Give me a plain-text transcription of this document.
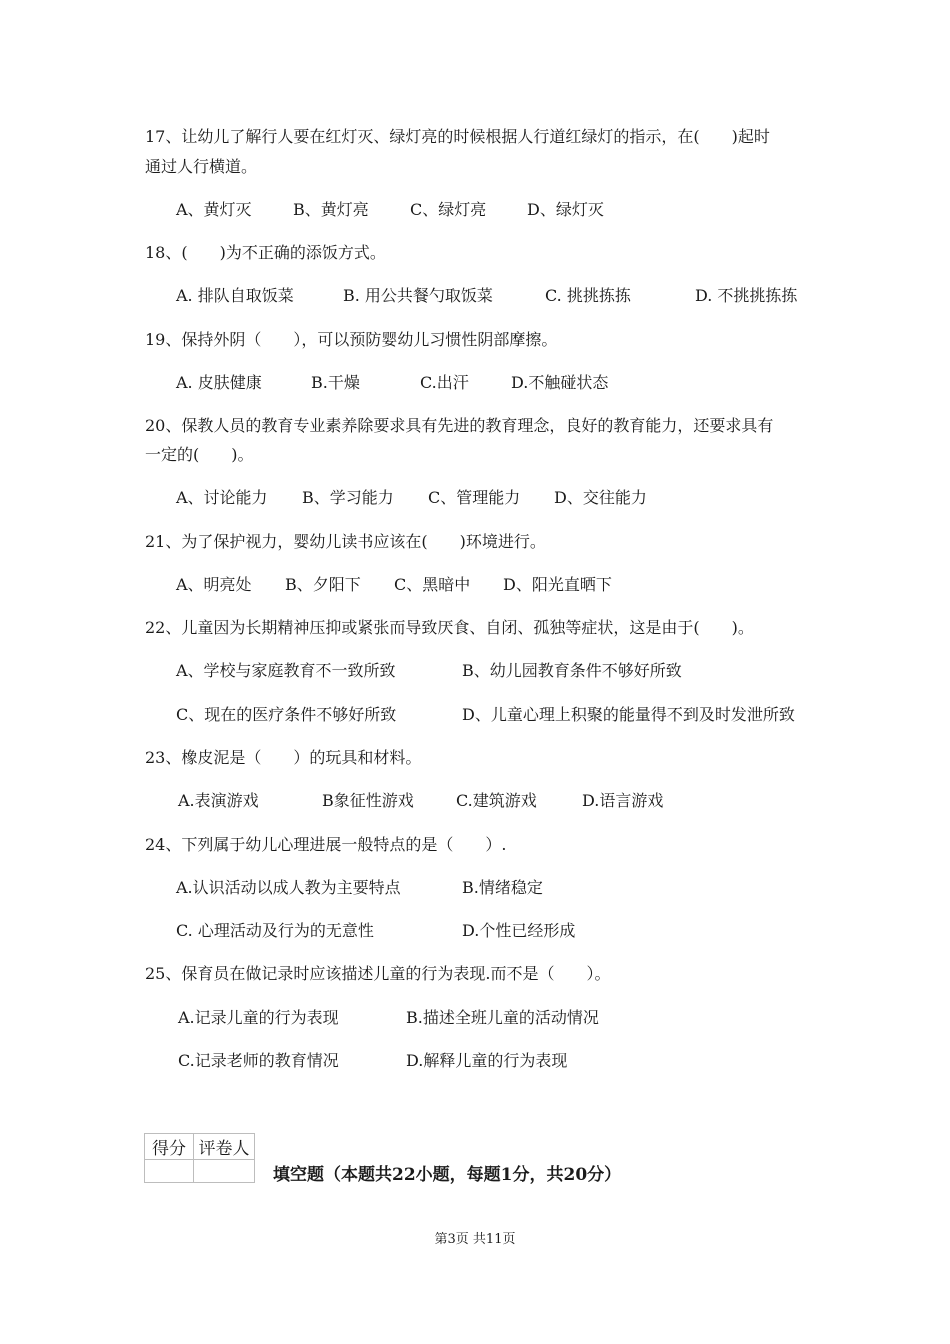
17、让幼儿了解行人要在红灯灭、绿灯亮的时候根据人行道红绿灯的指示，在(　　)起时
通过人行横道。
A、黄灯灭	B、黄灯亮	C、绿灯亮	D、绿灯灭
18、(　　)为不正确的添饭方式。
A. 排队自取饭菜	B. 用公共餐勺取饭菜	C. 挑挑拣拣	D. 不挑挑拣拣
19、保持外阴（　　），可以预防婴幼儿习惯性阴部摩擦。
A. 皮肤健康	B.干燥	C.出汗	D.不触碰状态
20、保教人员的教育专业素养除要求具有先进的教育理念，良好的教育能力，还要求具有
一定的(　　)。
A、讨论能力 B、学习能力 C、管理能力 D、交往能力
21、为了保护视力，婴幼儿读书应该在(　　)环境进行。
A、明亮处 B、夕阳下 C、黑暗中 D、阳光直晒下
22、儿童因为长期精神压抑或紧张而导致厌食、自闭、孤独等症状，这是由于(　　)。
A、学校与家庭教育不一致所致	B、幼儿园教育条件不够好所致
C、现在的医疗条件不够好所致	D、儿童心理上积聚的能量得不到及时发泄所致
23、橡皮泥是（　　）的玩具和材料。
A.表演游戏	B象征性游戏	C.建筑游戏	D.语言游戏
24、下列属于幼儿心理进展一般特点的是（　　）.
A.认识活动以成人教为主要特点	B.情绪稳定
C. 心理活动及行为的无意性	D.个性已经形成
25、保育员在做记录时应该描述儿童的行为表现.而不是（　　）。
A.记录儿童的行为表现	B.描述全班儿童的活动情况
C.记录老师的教育情况	D.解释儿童的行为表现
得分	评卷人

填空题（本题共22小题，每题1分，共20分）
第3页 共11页
